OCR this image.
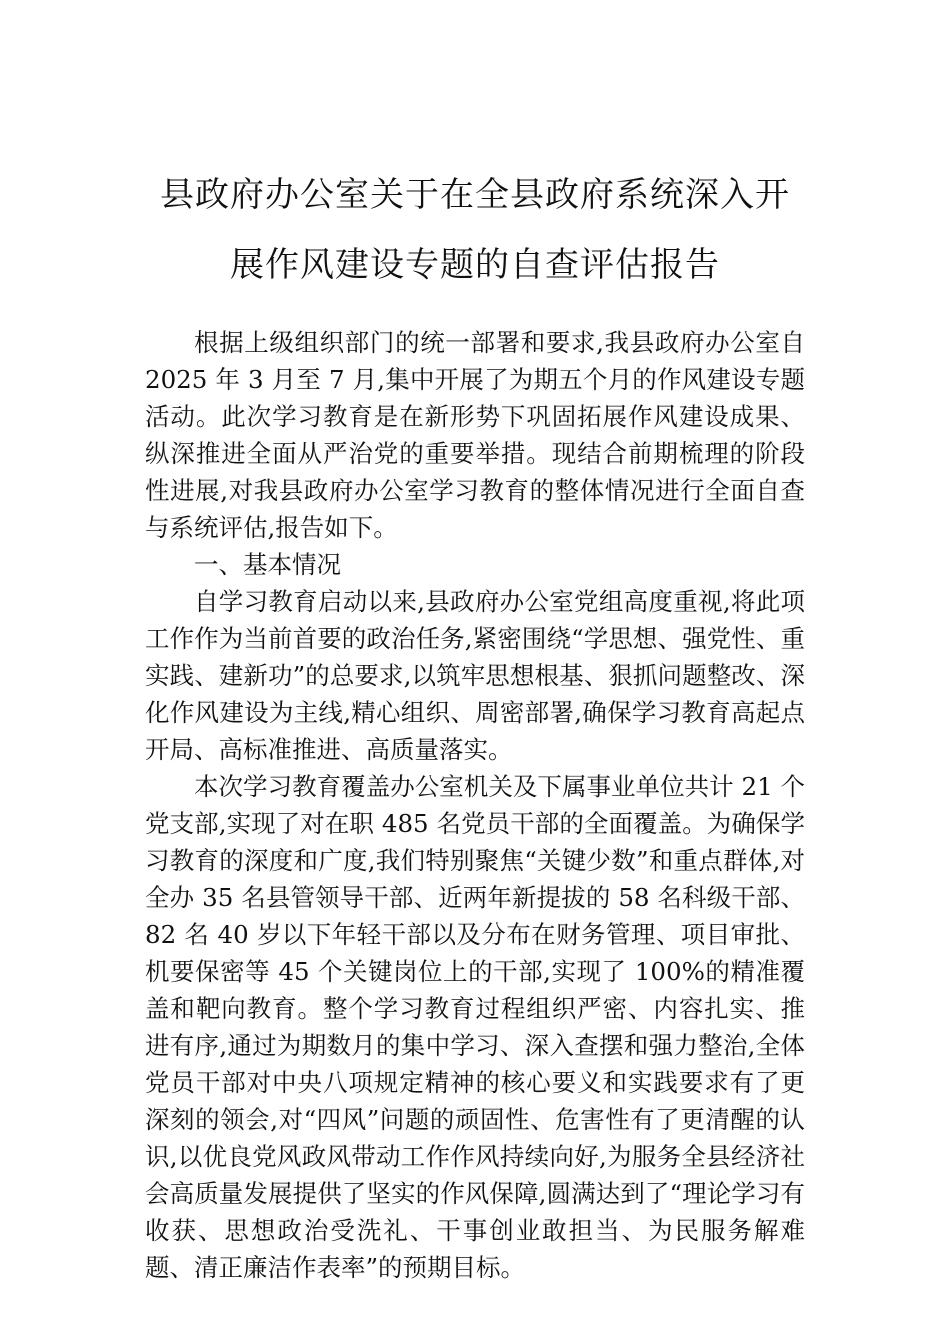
县政府办公室关于在全县政府系统深入开
展作风建设专题的自查评估报告

根据上级组织部门的统一部署和要求,我县政府办公室自 2025 年 3 月至 7 月,集中开展了为期五个月的作风建设专题活动。此次学习教育是在新形势下巩固拓展作风建设成果、纵深推进全面从严治党的重要举措。现结合前期梳理的阶段性进展,对我县政府办公室学习教育的整体情况进行全面自查与系统评估,报告如下。

一、基本情况

自学习教育启动以来,县政府办公室党组高度重视,将此项工作作为当前首要的政治任务,紧密围绕“学思想、强党性、重实践、建新功”的总要求,以筑牢思想根基、狠抓问题整改、深化作风建设为主线,精心组织、周密部署,确保学习教育高起点开局、高标准推进、高质量落实。

本次学习教育覆盖办公室机关及下属事业单位共计 21 个党支部,实现了对在职 485 名党员干部的全面覆盖。为确保学习教育的深度和广度,我们特别聚焦“关键少数”和重点群体,对全办 35 名县管领导干部、近两年新提拔的 58 名科级干部、82 名 40 岁以下年轻干部以及分布在财务管理、项目审批、机要保密等 45 个关键岗位上的干部,实现了 100%的精准覆盖和靶向教育。整个学习教育过程组织严密、内容扎实、推进有序,通过为期数月的集中学习、深入查摆和强力整治,全体党员干部对中央八项规定精神的核心要义和实践要求有了更深刻的领会,对“四风”问题的顽固性、危害性有了更清醒的认识,以优良党风政风带动工作作风持续向好,为服务全县经济社会高质量发展提供了坚实的作风保障,圆满达到了“理论学习有收获、思想政治受洗礼、干事创业敢担当、为民服务解难题、清正廉洁作表率”的预期目标。
